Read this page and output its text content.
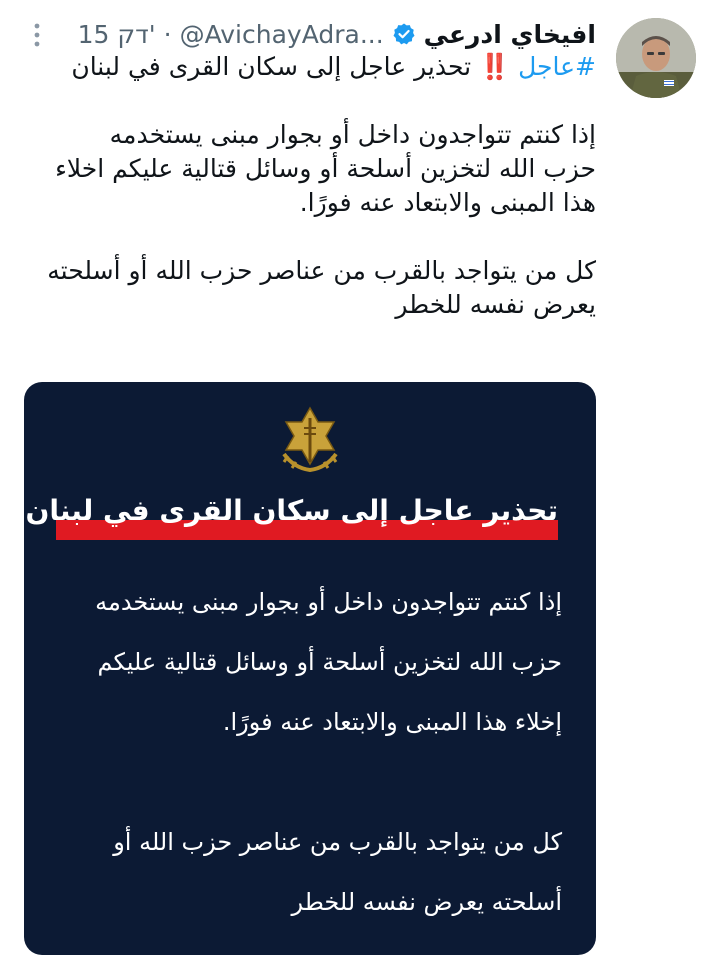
افيخاي ادرعي
@AvichayAdra...
·
15 דק'

#عاجل ‼️ تحذير عاجل إلى سكان القرى في لبنان

إذا كنتم تتواجدون داخل أو بجوار مبنى يستخدمه

حزب الله لتخزين أسلحة أو وسائل قتالية عليكم اخلاء

هذا المبنى والابتعاد عنه فورًا.

كل من يتواجد بالقرب من عناصر حزب الله أو أسلحته

يعرض نفسه للخطر

تحذير عاجل إلى سكان القرى في لبنان

إذا كنتم تتواجدون داخل أو بجوار مبنى يستخدمه

حزب الله لتخزين أسلحة أو وسائل قتالية عليكم

إخلاء هذا المبنى والابتعاد عنه فورًا.

كل من يتواجد بالقرب من عناصر حزب الله أو

أسلحته يعرض نفسه للخطر
